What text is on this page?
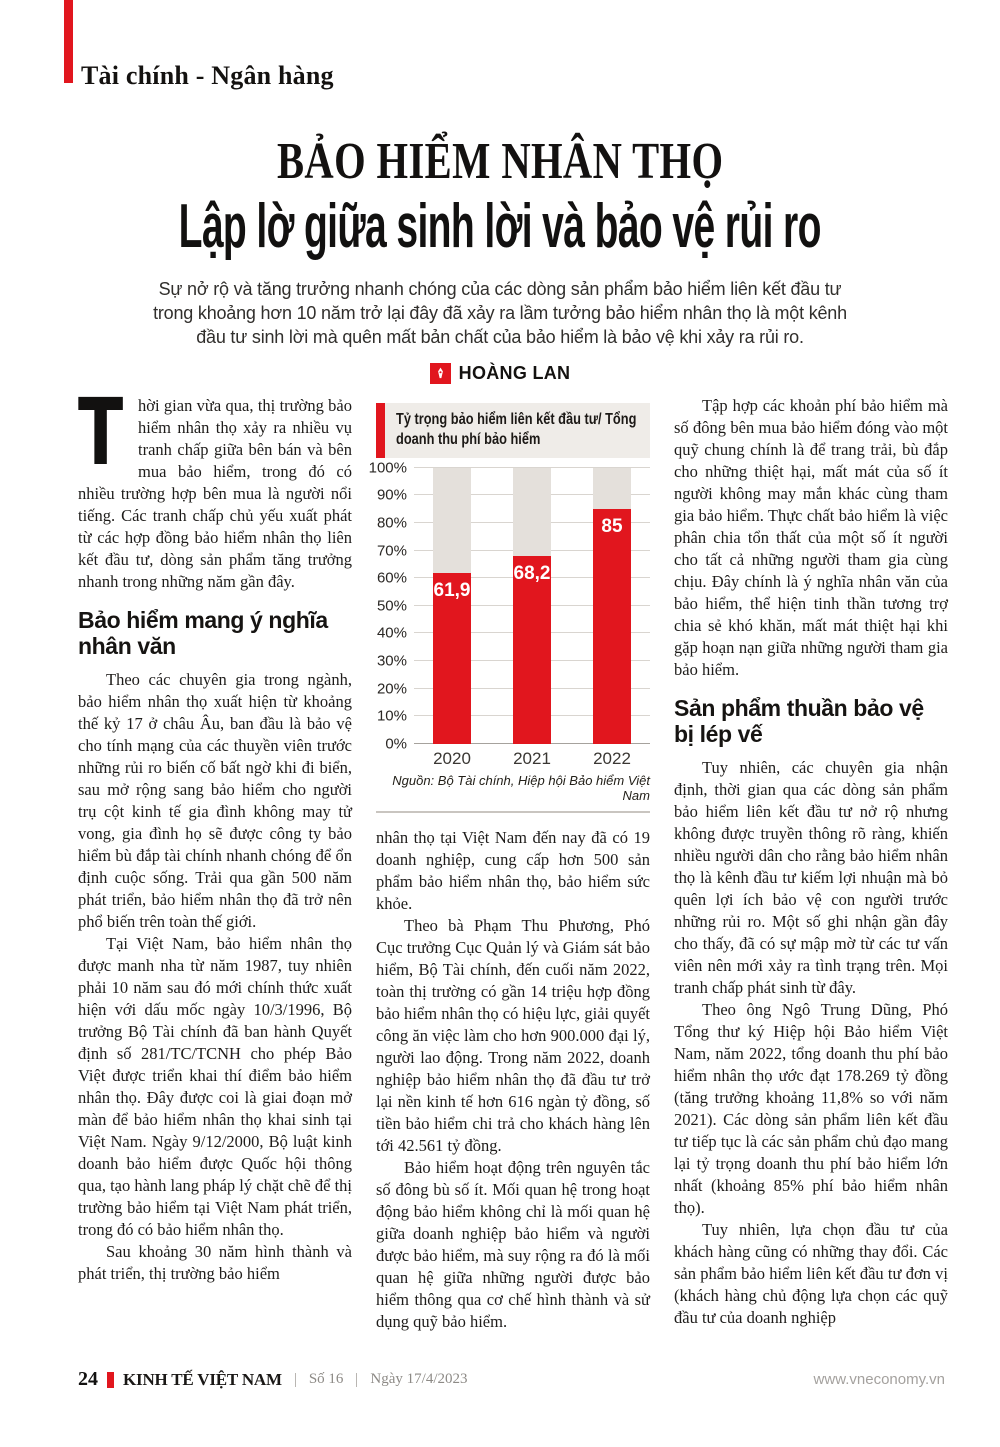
Tài chính - Ngân hàng
BẢO HIỂM NHÂN THỌ
Lập lờ giữa sinh lời và bảo vệ rủi ro

Sự nở rộ và tăng trưởng nhanh chóng của các dòng sản phẩm bảo hiểm liên kết đầu tư trong khoảng hơn 10 năm trở lại đây đã xảy ra lầm tưởng bảo hiểm nhân thọ là một kênh đầu tư sinh lời mà quên mất bản chất của bảo hiểm là bảo vệ khi xảy ra rủi ro.

HOÀNG LAN

Thời gian vừa qua, thị trường bảo hiểm nhân thọ xảy ra nhiều vụ tranh chấp giữa bên bán và bên mua bảo hiểm, trong đó có nhiều trường hợp bên mua là người nổi tiếng. Các tranh chấp chủ yếu xuất phát từ các hợp đồng bảo hiểm nhân thọ liên kết đầu tư, dòng sản phẩm tăng trưởng nhanh trong những năm gần đây.

Bảo hiểm mang ý nghĩa nhân văn

Theo các chuyên gia trong ngành, bảo hiểm nhân thọ xuất hiện từ khoảng thế kỷ 17 ở châu Âu, ban đầu là bảo vệ cho tính mạng của các thuyền viên trước những rủi ro biến cố bất ngờ khi đi biển, sau mở rộng sang bảo hiểm cho người trụ cột kinh tế gia đình không may tử vong, gia đình họ sẽ được công ty bảo hiểm bù đắp tài chính nhanh chóng để ổn định cuộc sống. Trải qua gần 500 năm phát triển, bảo hiểm nhân thọ đã trở nên phổ biến trên toàn thế giới.

Tại Việt Nam, bảo hiểm nhân thọ được manh nha từ năm 1987, tuy nhiên phải 10 năm sau đó mới chính thức xuất hiện với dấu mốc ngày 10/3/1996, Bộ trưởng Bộ Tài chính đã ban hành Quyết định số 281/TC/TCNH cho phép Bảo Việt được triển khai thí điểm bảo hiểm nhân thọ. Đây được coi là giai đoạn mở màn để bảo hiểm nhân thọ khai sinh tại Việt Nam. Ngày 9/12/2000, Bộ luật kinh doanh bảo hiểm được Quốc hội thông qua, tạo hành lang pháp lý chặt chẽ để thị trường bảo hiểm tại Việt Nam phát triển, trong đó có bảo hiểm nhân thọ.

Sau khoảng 30 năm hình thành và phát triển, thị trường bảo hiểm

Tỷ trọng bảo hiểm liên kết đầu tư/ Tổng doanh thu phí bảo hiểm
0%
10%
20%
30%
40%
50%
60%
70%
80%
90%
100%
61,9
68,2
85
2020	2021	2022
Nguồn: Bộ Tài chính, Hiệp hội Bảo hiểm Việt Nam

nhân thọ tại Việt Nam đến nay đã có 19 doanh nghiệp, cung cấp hơn 500 sản phẩm bảo hiểm nhân thọ, bảo hiểm sức khỏe.

Theo bà Phạm Thu Phương, Phó Cục trưởng Cục Quản lý và Giám sát bảo hiểm, Bộ Tài chính, đến cuối năm 2022, toàn thị trường có gần 14 triệu hợp đồng bảo hiểm nhân thọ có hiệu lực, giải quyết công ăn việc làm cho hơn 900.000 đại lý, người lao động. Trong năm 2022, doanh nghiệp bảo hiểm nhân thọ đã đầu tư trở lại nền kinh tế hơn 616 ngàn tỷ đồng, số tiền bảo hiểm chi trả cho khách hàng lên tới 42.561 tỷ đồng.

Bảo hiểm hoạt động trên nguyên tắc số đông bù số ít. Mối quan hệ trong hoạt động bảo hiểm không chỉ là mối quan hệ giữa doanh nghiệp bảo hiểm và người được bảo hiểm, mà suy rộng ra đó là mối quan hệ giữa những người được bảo hiểm thông qua cơ chế hình thành và sử dụng quỹ bảo hiểm.

Tập hợp các khoản phí bảo hiểm mà số đông bên mua bảo hiểm đóng vào một quỹ chung chính là để trang trải, bù đắp cho những thiệt hại, mất mát của số ít người không may mắn khác cùng tham gia bảo hiểm. Thực chất bảo hiểm là việc phân chia tổn thất của một số ít người cho tất cả những người tham gia cùng chịu. Đây chính là ý nghĩa nhân văn của bảo hiểm, thể hiện tinh thần tương trợ chia sẻ khó khăn, mất mát thiệt hại khi gặp hoạn nạn giữa những người tham gia bảo hiểm.

Sản phẩm thuần bảo vệ bị lép vế

Tuy nhiên, các chuyên gia nhận định, thời gian qua các dòng sản phẩm bảo hiểm liên kết đầu tư nở rộ nhưng không được truyền thông rõ ràng, khiến nhiều người dân cho rằng bảo hiểm nhân thọ là kênh đầu tư kiếm lợi nhuận mà bỏ quên lợi ích bảo vệ con người trước những rủi ro. Một số ghi nhận gần đây cho thấy, đã có sự mập mờ từ các tư vấn viên nên mới xảy ra tình trạng trên. Mọi tranh chấp phát sinh từ đây.

Theo ông Ngô Trung Dũng, Phó Tổng thư ký Hiệp hội Bảo hiểm Việt Nam, năm 2022, tổng doanh thu phí bảo hiểm nhân thọ ước đạt 178.269 tỷ đồng (tăng trưởng khoảng 11,8% so với năm 2021). Các dòng sản phẩm liên kết đầu tư tiếp tục là các sản phẩm chủ đạo mang lại tỷ trọng doanh thu phí bảo hiểm lớn nhất (khoảng 85% phí bảo hiểm nhân thọ).

Tuy nhiên, lựa chọn đầu tư của khách hàng cũng có những thay đổi. Các sản phẩm bảo hiểm liên kết đầu tư đơn vị (khách hàng chủ động lựa chọn các quỹ đầu tư của doanh nghiệp

24 KINH TẾ VIỆT NAM Số 16 Ngày 17/4/2023	www.vneconomy.vn
